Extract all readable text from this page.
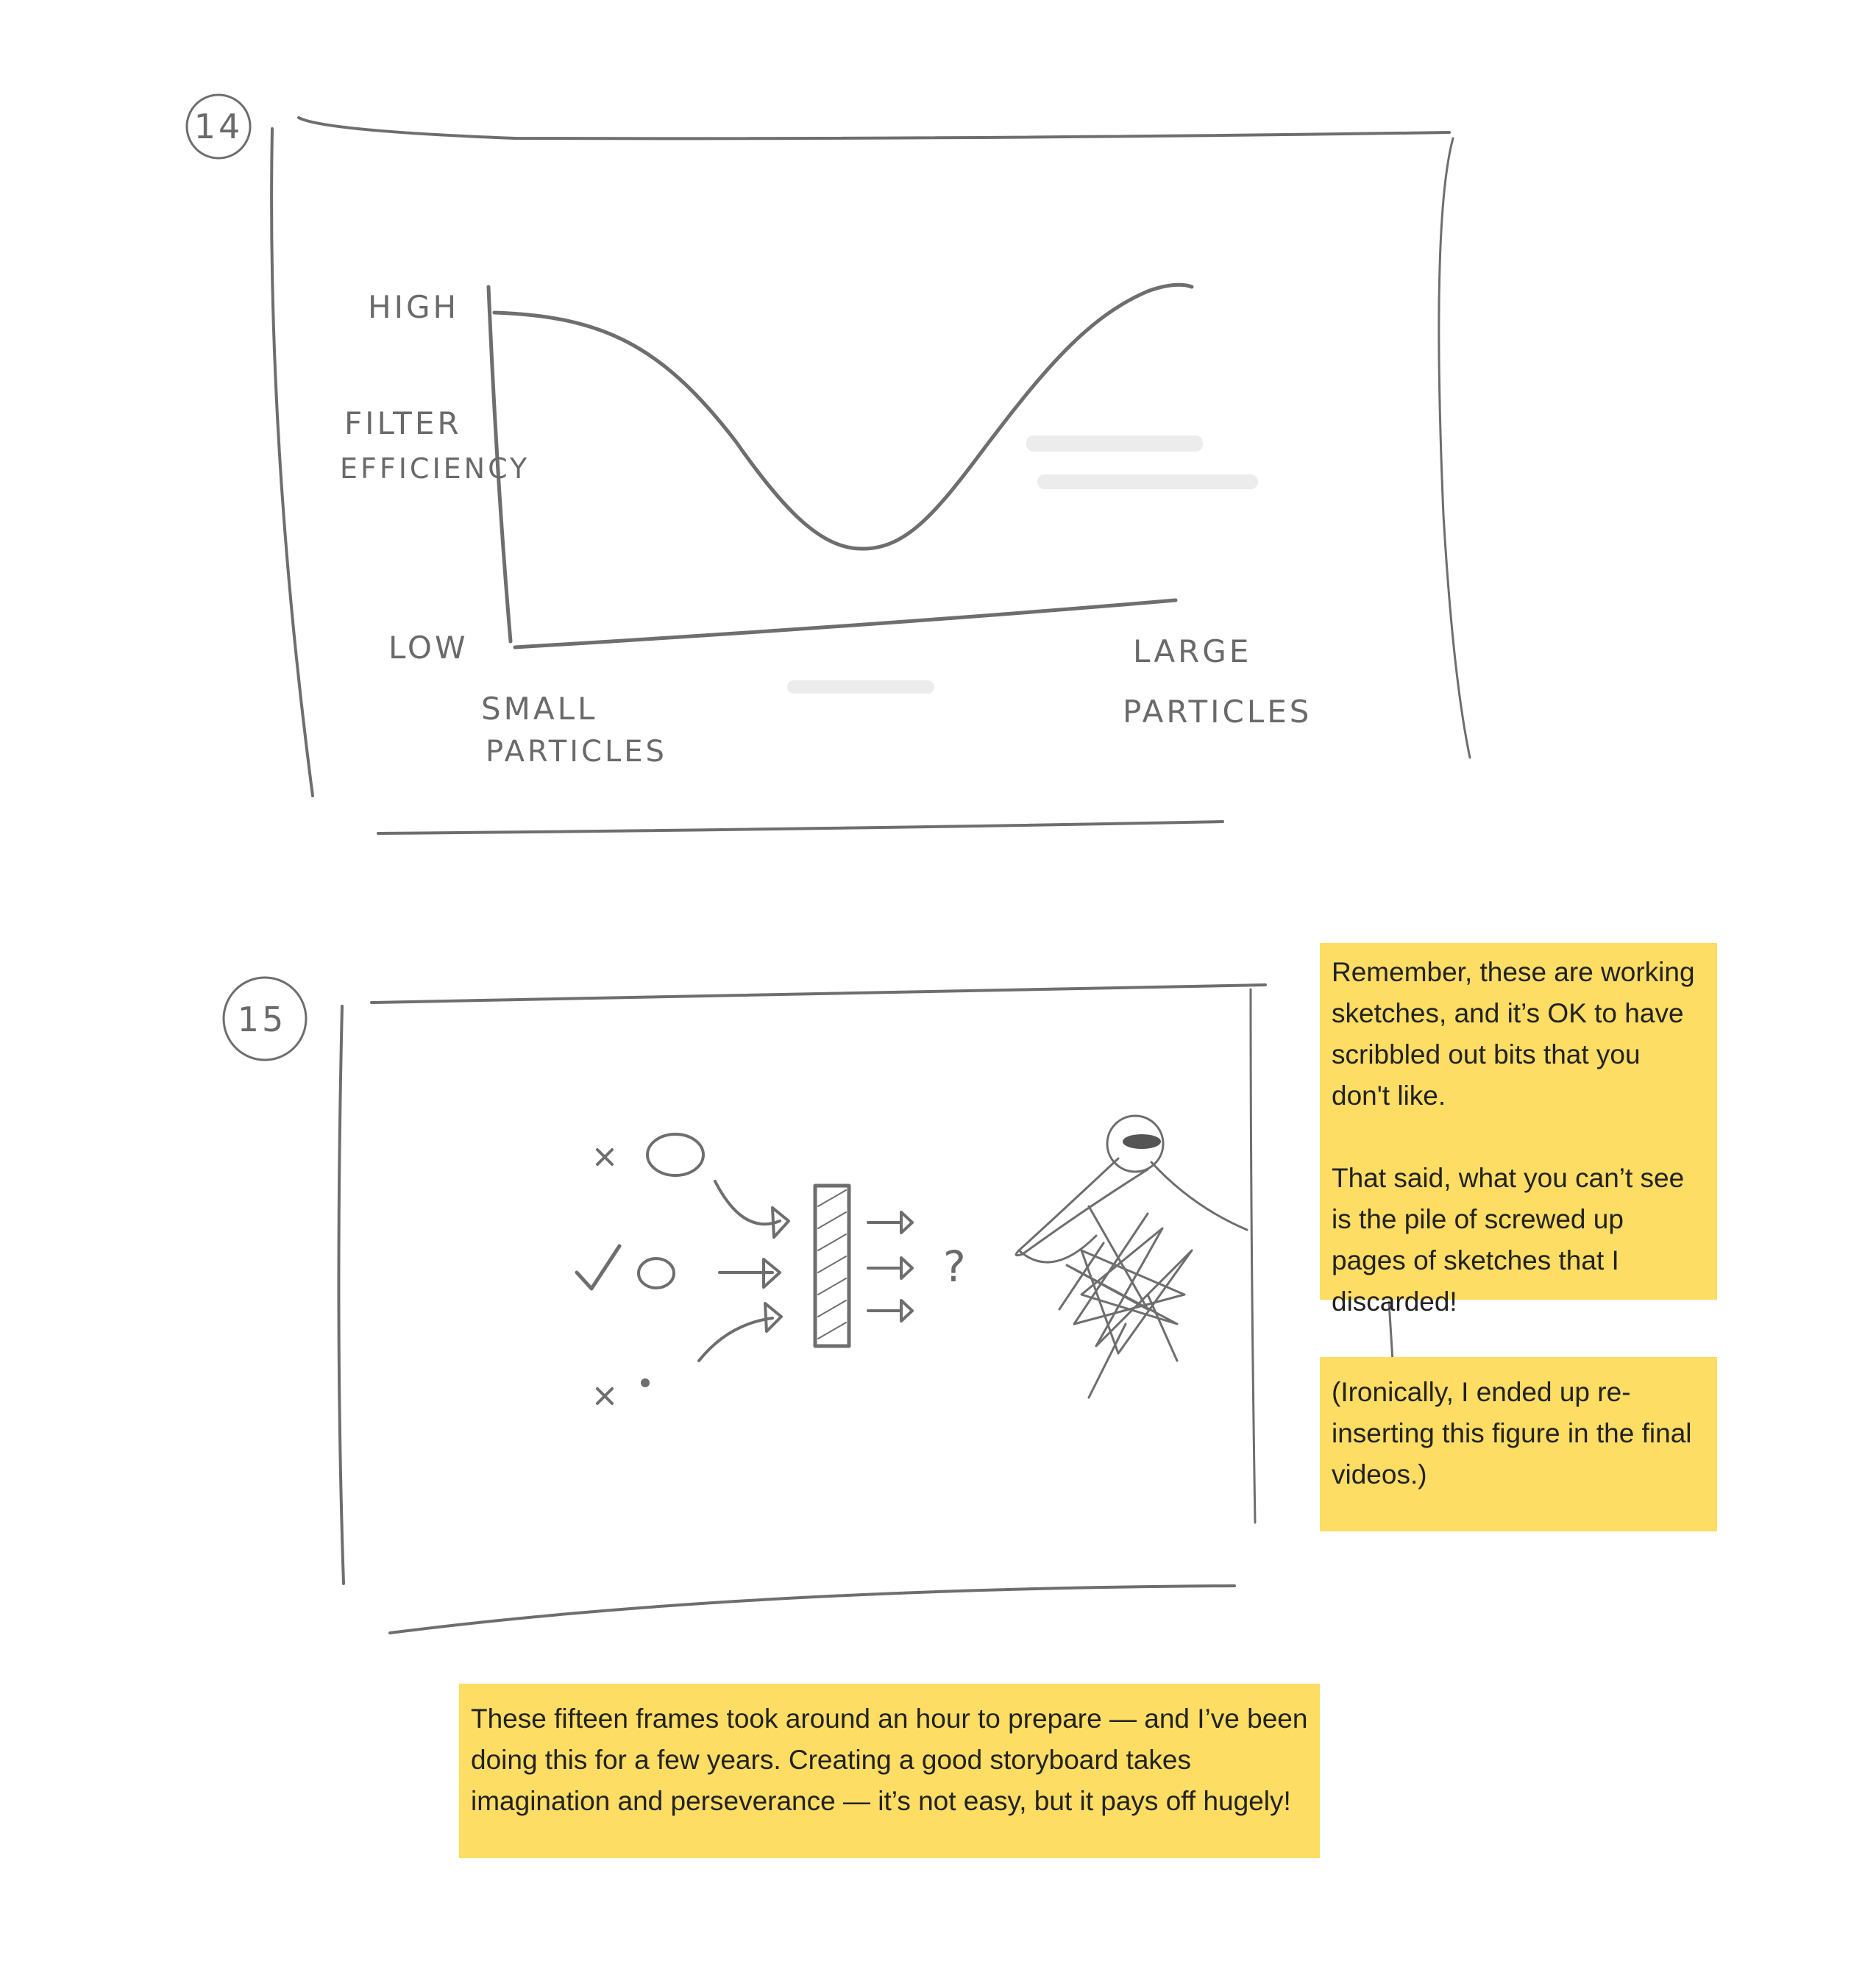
14
HIGH
FILTER
EFFICIENCY
LOW
SMALL
PARTICLES
LARGE
PARTICLES
15
?

Remember, these are working sketches, and it’s OK to have scribbled out bits that you don't like.

That said, what you can’t see is the pile of screwed up pages of sketches that I discarded!

(Ironically, I ended up re-inserting this figure in the final videos.)

These fifteen frames took around an hour to prepare — and I’ve been doing this for a few years. Creating a good storyboard takes imagination and perseverance — it’s not easy, but it pays off hugely!
